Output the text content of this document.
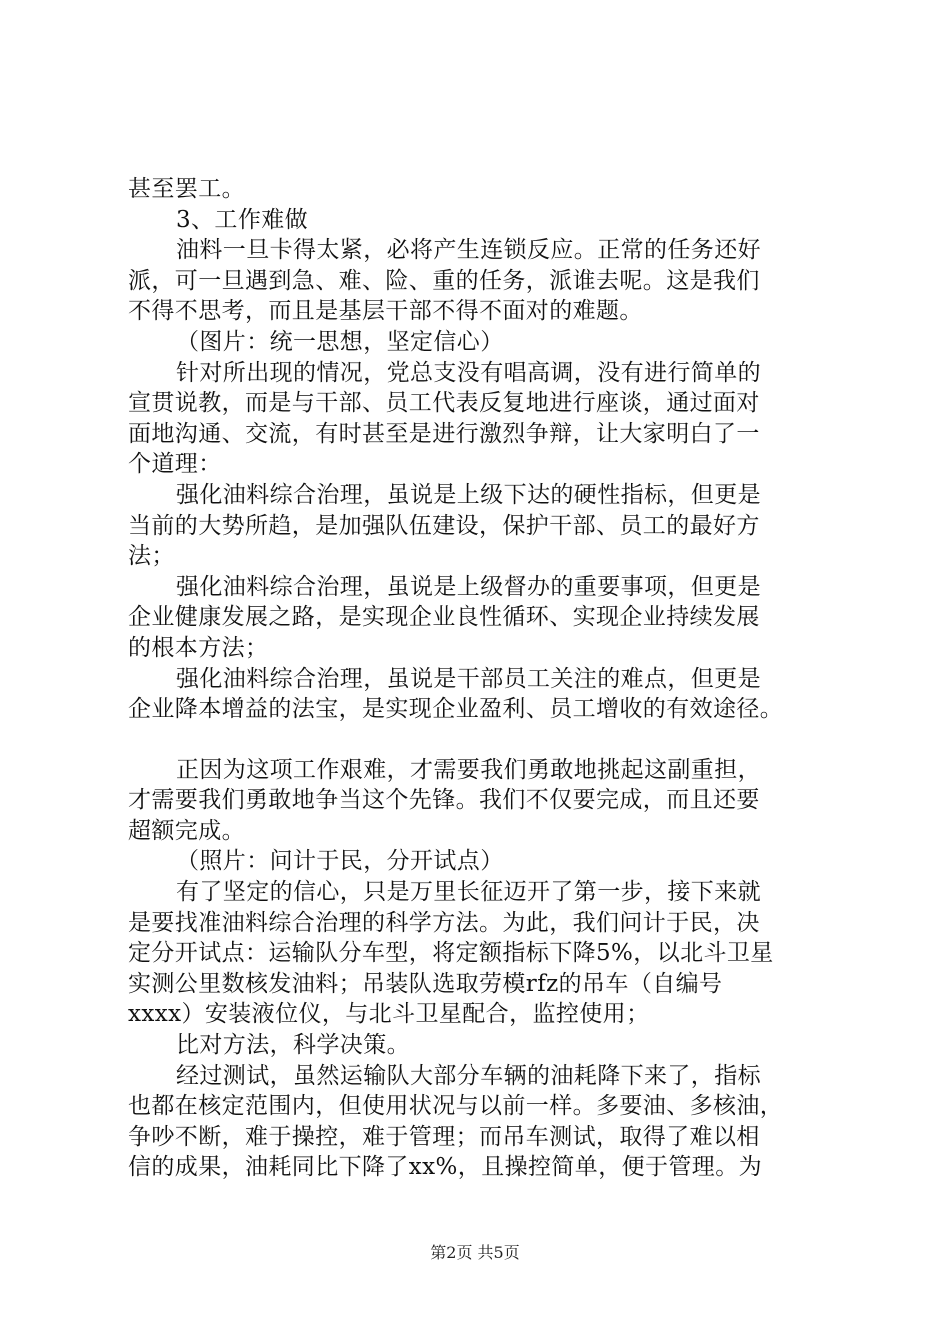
甚至罢工。

3、工作难做

油料一旦卡得太紧，必将产生连锁反应。正常的任务还好
派，可一旦遇到急、难、险、重的任务，派谁去呢。这是我们
不得不思考，而且是基层干部不得不面对的难题。

（图片：统一思想，坚定信心）

针对所出现的情况，党总支没有唱高调，没有进行简单的
宣贯说教，而是与干部、员工代表反复地进行座谈，通过面对
面地沟通、交流，有时甚至是进行激烈争辩，让大家明白了一
个道理：

强化油料综合治理，虽说是上级下达的硬性指标，但更是
当前的大势所趋，是加强队伍建设，保护干部、员工的最好方
法；

强化油料综合治理，虽说是上级督办的重要事项，但更是
企业健康发展之路，是实现企业良性循环、实现企业持续发展
的根本方法；

强化油料综合治理，虽说是干部员工关注的难点，但更是
企业降本增益的法宝，是实现企业盈利、员工增收的有效途径。

正因为这项工作艰难，才需要我们勇敢地挑起这副重担，
才需要我们勇敢地争当这个先锋。我们不仅要完成，而且还要
超额完成。

（照片：问计于民，分开试点）

有了坚定的信心，只是万里长征迈开了第一步，接下来就
是要找准油料综合治理的科学方法。为此，我们问计于民，决
定分开试点：运输队分车型，将定额指标下降5%，以北斗卫星
实测公里数核发油料；吊装队选取劳模rfz的吊车（自编号
xxxx）安装液位仪，与北斗卫星配合，监控使用；

比对方法，科学决策。

经过测试，虽然运输队大部分车辆的油耗降下来了，指标
也都在核定范围内，但使用状况与以前一样。多要油、多核油，
争吵不断，难于操控，难于管理；而吊车测试，取得了难以相
信的成果，油耗同比下降了xx%，且操控简单，便于管理。为

第2页 共5页
